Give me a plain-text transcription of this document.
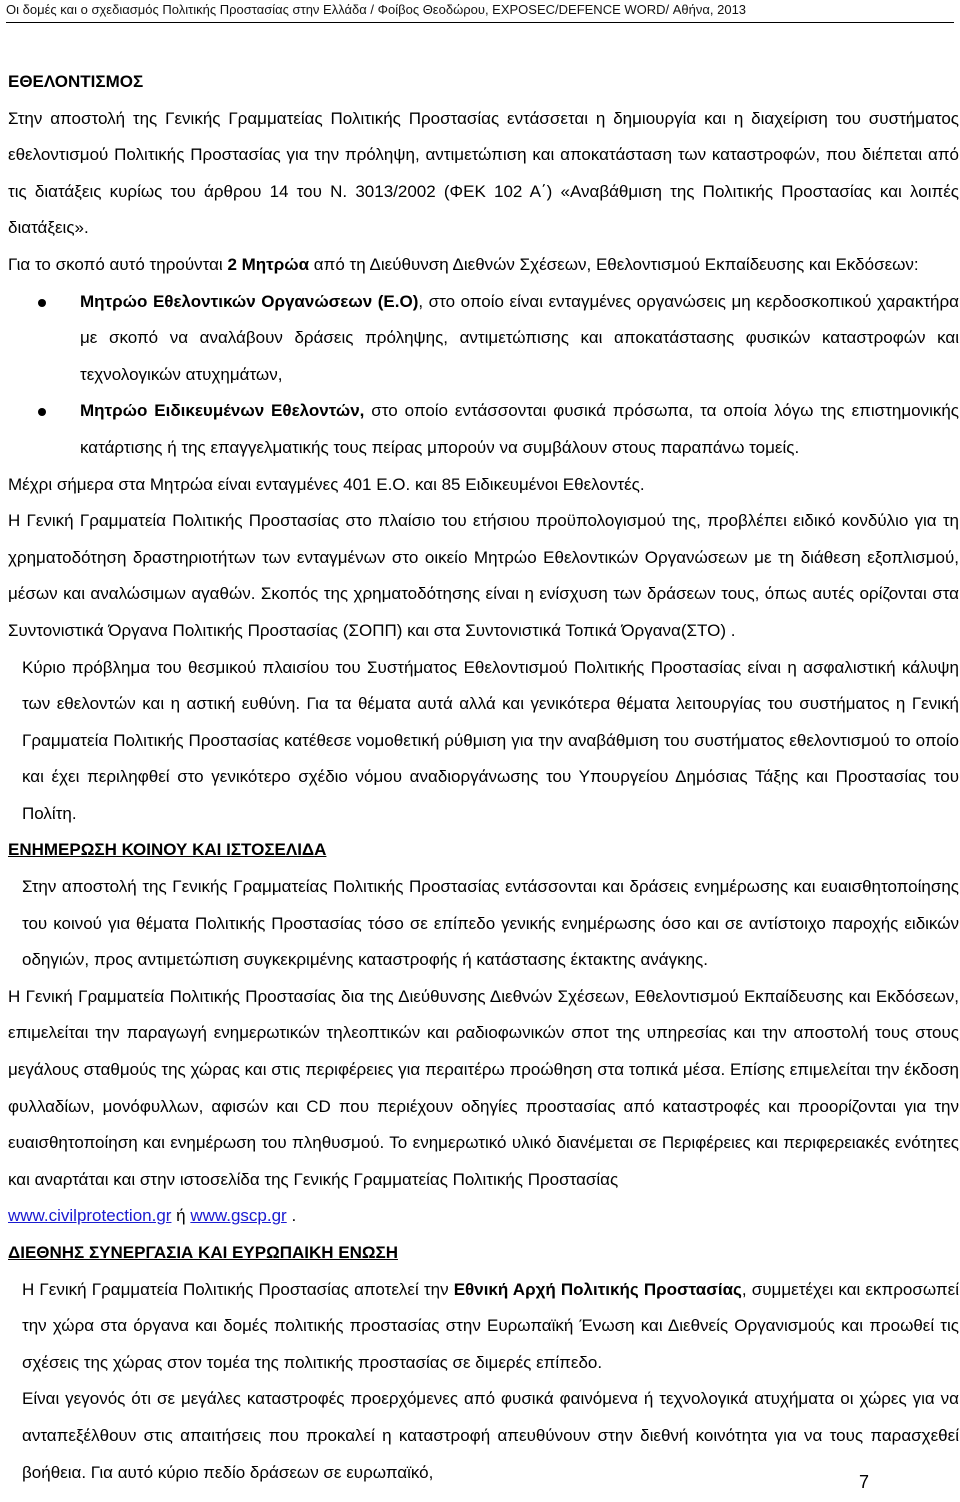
Οι δομές και ο σχεδιασμός Πολιτικής Προστασίας στην Ελλάδα / Φοίβος Θεοδώρου, EXPOSEC/DEFENCE WORD/ Αθήνα, 2013

ΕΘΕΛΟΝΤΙΣΜΟΣ

Στην αποστολή της Γενικής Γραμματείας Πολιτικής Προστασίας εντάσσεται η δημιουργία και η διαχείριση του συστήματος εθελοντισμού Πολιτικής Προστασίας για την πρόληψη, αντιμετώπιση και αποκατάσταση των καταστροφών, που διέπεται από τις διατάξεις κυρίως του άρθρου 14 του Ν. 3013/2002 (ΦΕΚ 102 Α΄) «Αναβάθμιση της Πολιτικής Προστασίας και λοιπές διατάξεις».

Για το σκοπό αυτό τηρούνται 2 Μητρώα από τη Διεύθυνση Διεθνών Σχέσεων, Εθελοντισμού Εκπαίδευσης και Εκδόσεων:

Μητρώο Εθελοντικών Οργανώσεων (Ε.Ο), στο οποίο είναι ενταγμένες οργανώσεις μη κερδοσκοπικού χαρακτήρα με σκοπό να αναλάβουν δράσεις πρόληψης, αντιμετώπισης και αποκατάστασης φυσικών καταστροφών και τεχνολογικών ατυχημάτων,

Μητρώο Ειδικευμένων Εθελοντών, στο οποίο εντάσσονται φυσικά πρόσωπα, τα οποία λόγω της επιστημονικής κατάρτισης ή της επαγγελματικής τους πείρας μπορούν να συμβάλουν στους παραπάνω τομείς.

Μέχρι σήμερα στα Μητρώα είναι ενταγμένες 401 Ε.Ο. και 85 Ειδικευμένοι Εθελοντές.

Η Γενική Γραμματεία Πολιτικής Προστασίας στο πλαίσιο του ετήσιου προϋπολογισμού της, προβλέπει ειδικό κονδύλιο για τη χρηματοδότηση δραστηριοτήτων των ενταγμένων στο οικείο Μητρώο Εθελοντικών Οργανώσεων με τη διάθεση εξοπλισμού, μέσων και αναλώσιμων αγαθών. Σκοπός της χρηματοδότησης είναι η ενίσχυση των δράσεων τους, όπως αυτές ορίζονται στα Συντονιστικά Όργανα Πολιτικής Προστασίας (ΣΟΠΠ) και στα Συντονιστικά Τοπικά Όργανα(ΣΤΟ) .

Κύριο πρόβλημα του θεσμικού πλαισίου του Συστήματος Εθελοντισμού Πολιτικής Προστασίας είναι η ασφαλιστική κάλυψη των εθελοντών και η αστική ευθύνη. Για τα θέματα αυτά αλλά και γενικότερα θέματα λειτουργίας του συστήματος η Γενική Γραμματεία Πολιτικής Προστασίας κατέθεσε νομοθετική ρύθμιση για την αναβάθμιση του συστήματος εθελοντισμού το οποίο και έχει περιληφθεί στο γενικότερο σχέδιο νόμου αναδιοργάνωσης του Υπουργείου Δημόσιας Τάξης και Προστασίας του Πολίτη.

ΕΝΗΜΕΡΩΣΗ ΚΟΙΝΟΥ ΚΑΙ ΙΣΤΟΣΕΛΙΔΑ

Στην αποστολή της Γενικής Γραμματείας Πολιτικής Προστασίας εντάσσονται και δράσεις ενημέρωσης και ευαισθητοποίησης του κοινού για θέματα Πολιτικής Προστασίας τόσο σε επίπεδο γενικής ενημέρωσης όσο και σε αντίστοιχο παροχής ειδικών οδηγιών, προς αντιμετώπιση συγκεκριμένης καταστροφής ή κατάστασης έκτακτης ανάγκης.

Η Γενική Γραμματεία Πολιτικής Προστασίας δια της Διεύθυνσης Διεθνών Σχέσεων, Εθελοντισμού Εκπαίδευσης και Εκδόσεων, επιμελείται την παραγωγή ενημερωτικών τηλεοπτικών και ραδιοφωνικών σποτ της υπηρεσίας και την αποστολή τους στους μεγάλους σταθμούς της χώρας και στις περιφέρειες για περαιτέρω προώθηση στα τοπικά μέσα. Επίσης επιμελείται την έκδοση φυλλαδίων, μονόφυλλων, αφισών και CD που περιέχουν οδηγίες προστασίας από καταστροφές και προορίζονται για την ευαισθητοποίηση και ενημέρωση του πληθυσμού. Το ενημερωτικό υλικό διανέμεται σε Περιφέρειες και περιφερειακές ενότητες και αναρτάται και στην ιστοσελίδα της Γενικής Γραμματείας Πολιτικής Προστασίας

www.civilprotection.gr ή www.gscp.gr .

ΔΙΕΘΝΗΣ ΣΥΝΕΡΓΑΣΙΑ ΚΑΙ ΕΥΡΩΠΑΙΚΗ ΕΝΩΣΗ

Η Γενική Γραμματεία Πολιτικής Προστασίας αποτελεί την Εθνική Αρχή Πολιτικής Προστασίας, συμμετέχει και εκπροσωπεί την χώρα στα όργανα και δομές πολιτικής προστασίας στην Ευρωπαϊκή Ένωση και Διεθνείς Οργανισμούς και προωθεί τις σχέσεις της χώρας στον τομέα της πολιτικής προστασίας σε διμερές επίπεδο.

Είναι γεγονός ότι σε μεγάλες καταστροφές προερχόμενες από φυσικά φαινόμενα ή τεχνολογικά ατυχήματα οι χώρες για να ανταπεξέλθουν στις απαιτήσεις που προκαλεί η καταστροφή απευθύνουν στην διεθνή κοινότητα για να τους παρασχεθεί βοήθεια. Για αυτό κύριο πεδίο δράσεων σε ευρωπαϊκό,	7
